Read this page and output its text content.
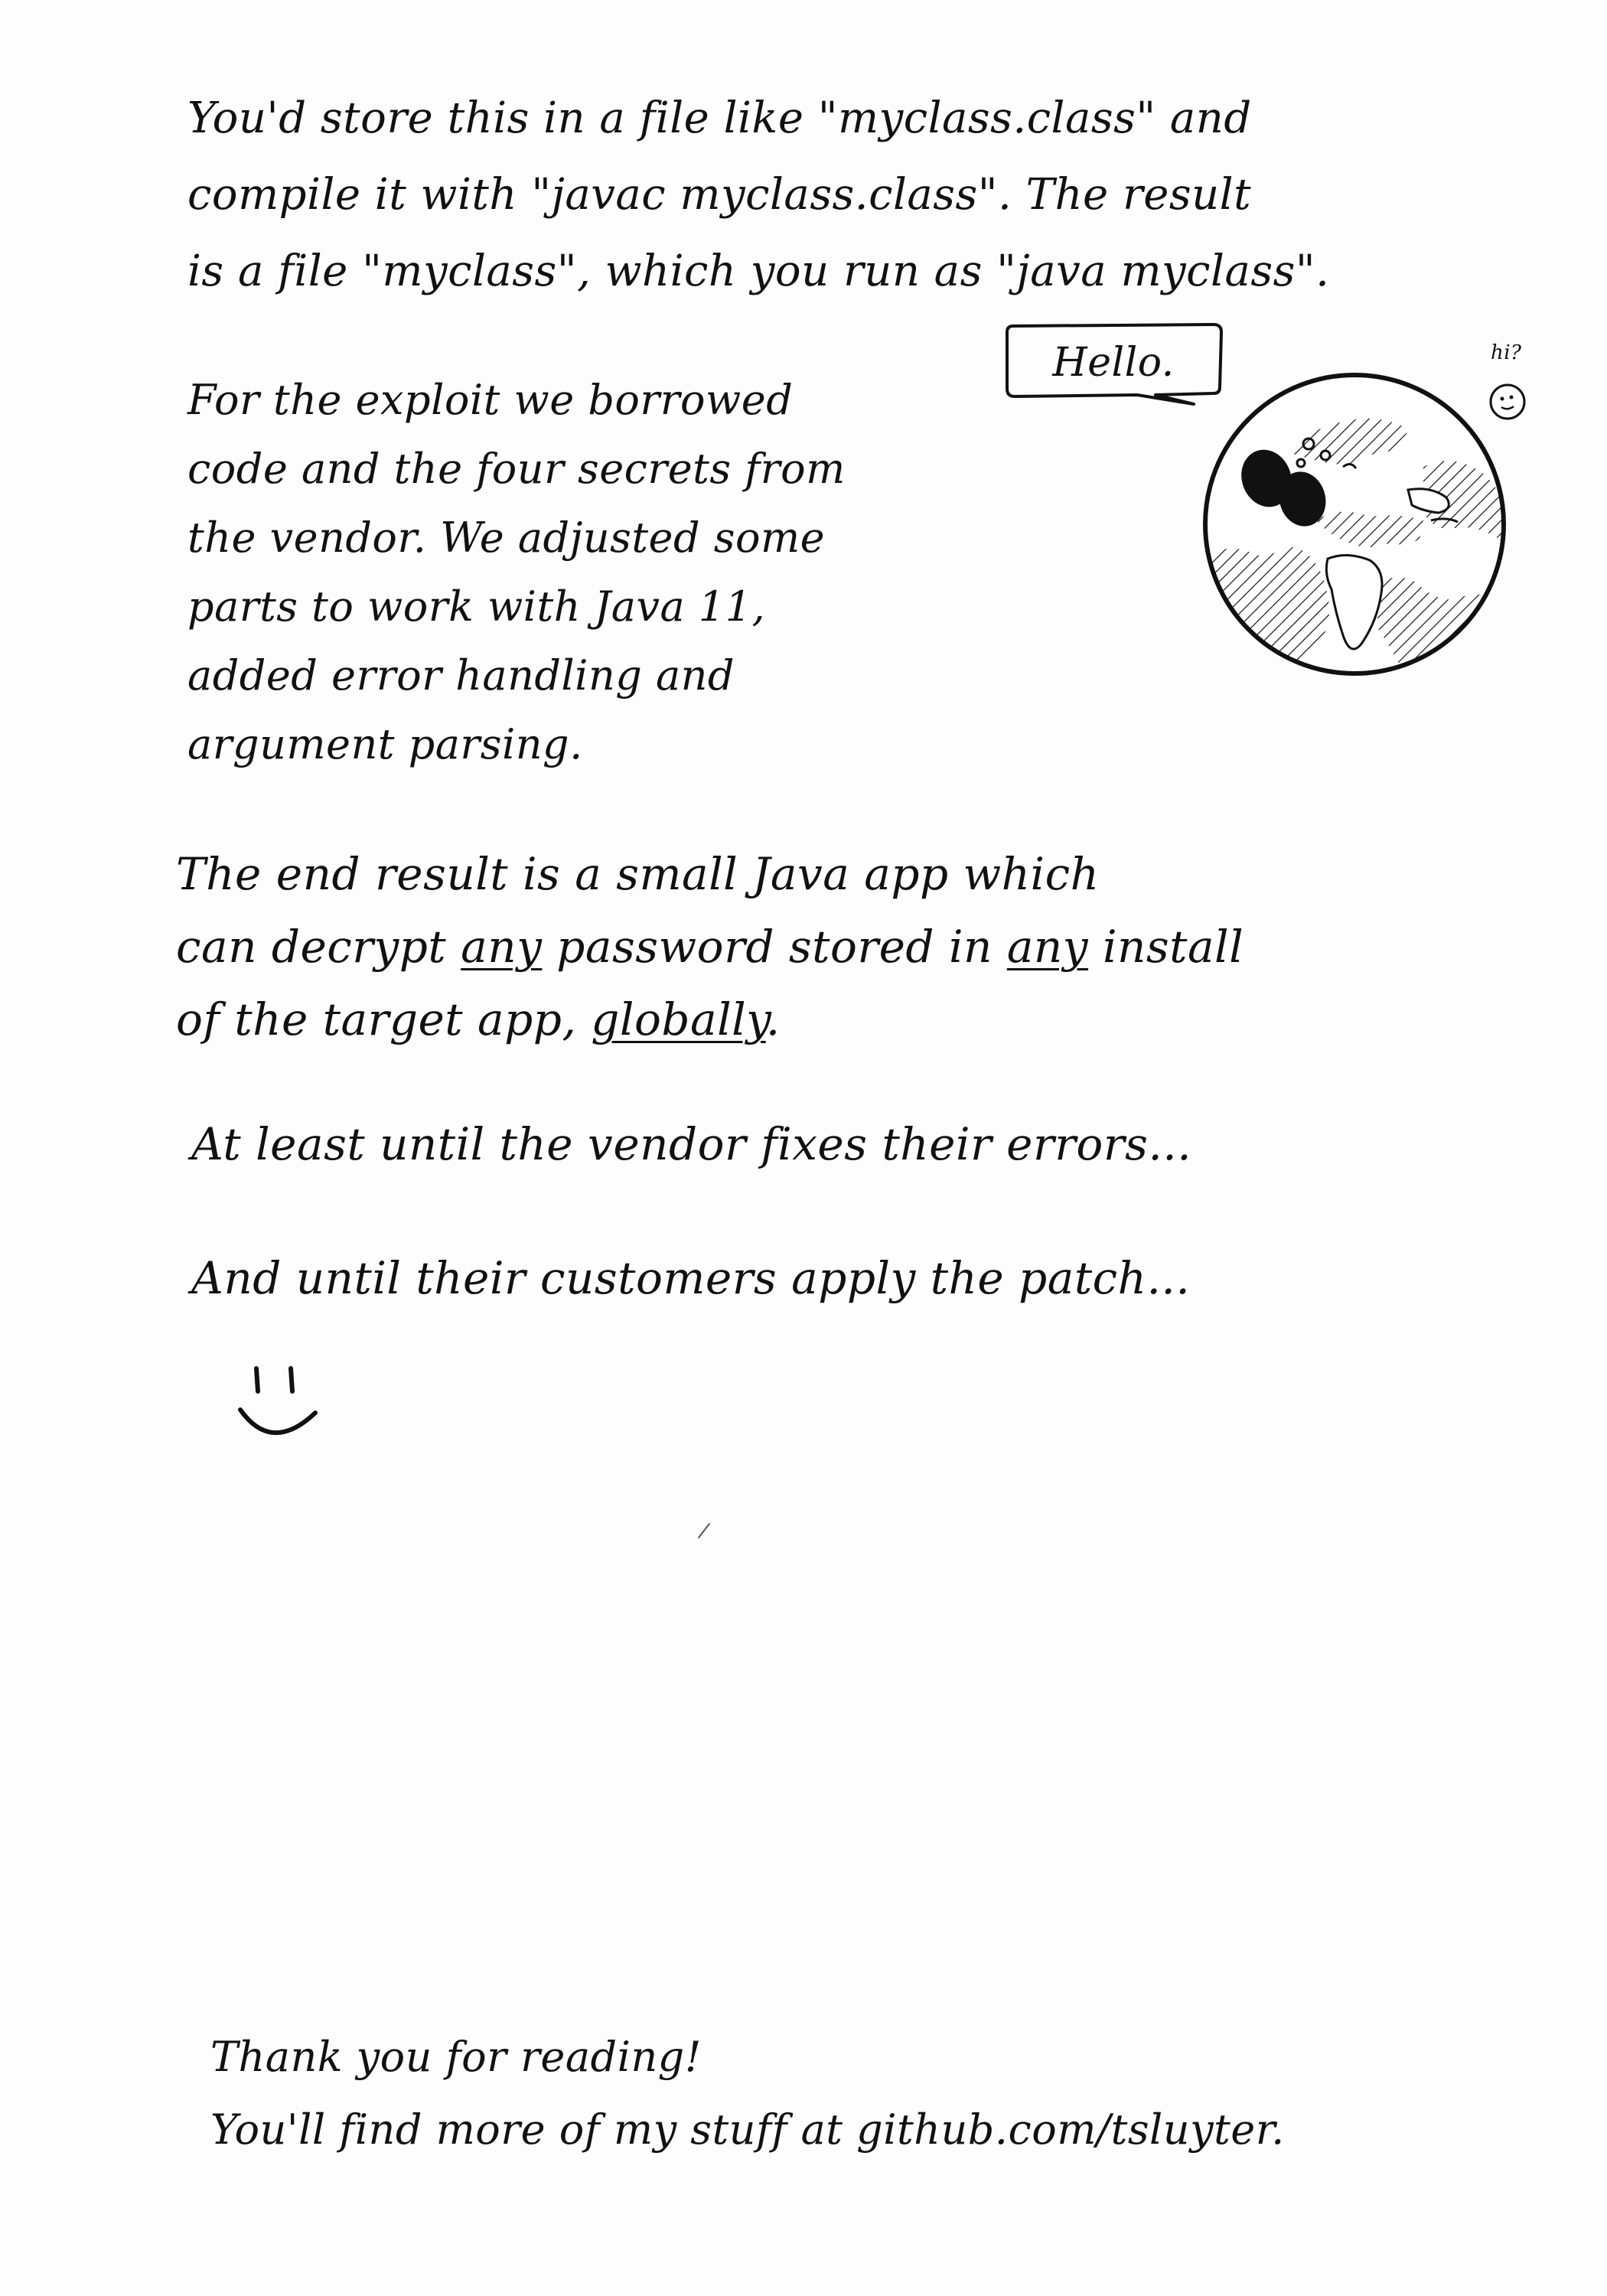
You'd store this in a file like "myclass.class" and
compile it with "javac myclass.class". The result
is a file "myclass", which you run as "java myclass".

For the exploit we borrowed
code and the four secrets from
the vendor. We adjusted some
parts to work with Java 11,
added error handling and
argument parsing.

Hello.	hi?

The end result is a small Java app which
can decrypt any password stored in any install
of the target app, globally.

At least until the vendor fixes their errors...

And until their customers apply the patch...

Thank you for reading!
You'll find more of my stuff at github.com/tsluyter.
